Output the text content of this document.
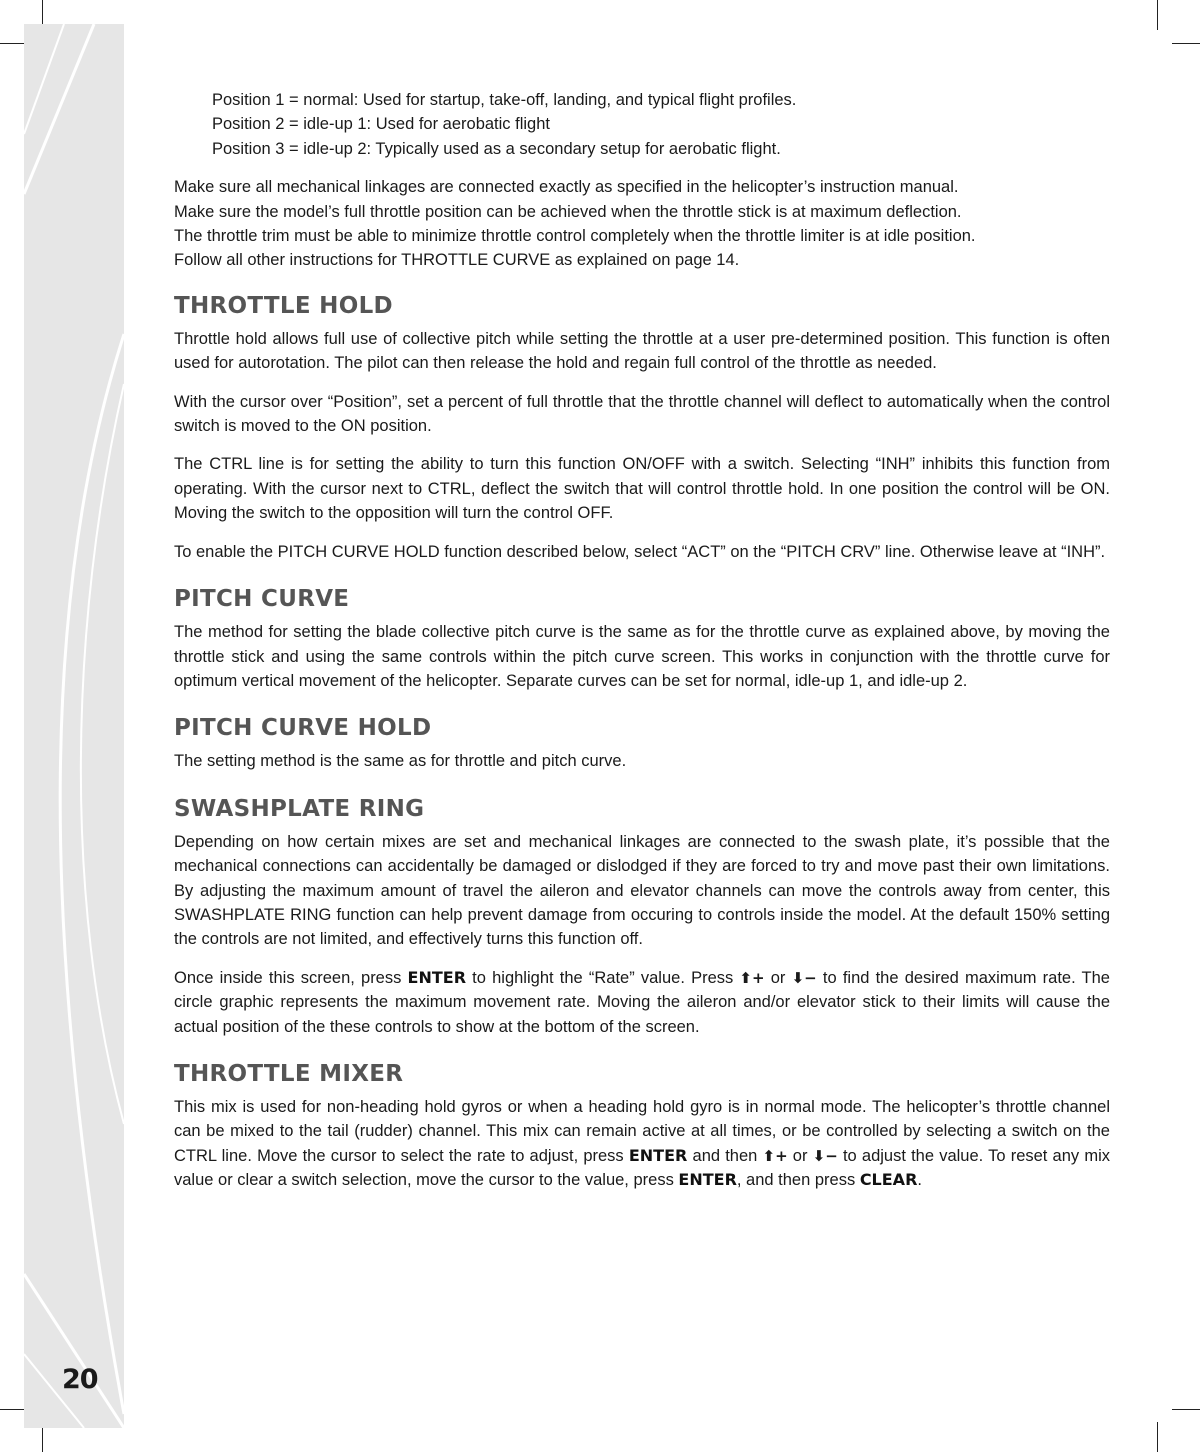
20

Position 1 = normal: Used for startup, take-off, landing, and typical flight profiles.

Position 2 = idle-up 1: Used for aerobatic flight

Position 3 = idle-up 2: Typically used as a secondary setup for aerobatic flight.

Make sure all mechanical linkages are connected exactly as specified in the helicopter’s instruction manual.

Make sure the model’s full throttle position can be achieved when the throttle stick is at maximum deflection.

The throttle trim must be able to minimize throttle control completely when the throttle limiter is at idle position.

Follow all other instructions for THROTTLE CURVE as explained on page 14.

THROTTLE HOLD

Throttle hold allows full use of collective pitch while setting the throttle at a user pre-determined position. This function is often used for autorotation. The pilot can then release the hold and regain full control of the throttle as needed.

With the cursor over “Position”, set a percent of full throttle that the throttle channel will deflect to automatically when the control switch is moved to the ON position.

The CTRL line is for setting the ability to turn this function ON/OFF with a switch. Selecting “INH” inhibits this function from operating. With the cursor next to CTRL, deflect the switch that will control throttle hold. In one position the control will be ON. Moving the switch to the opposition will turn the control OFF.

To enable the PITCH CURVE HOLD function described below, select “ACT” on the “PITCH CRV” line. Otherwise leave at “INH”.

PITCH CURVE

The method for setting the blade collective pitch curve is the same as for the throttle curve as explained above, by moving the throttle stick and using the same controls within the pitch curve screen. This works in conjunction with the throttle curve for optimum vertical movement of the helicopter. Separate curves can be set for normal, idle-up 1, and idle-up 2.

PITCH CURVE HOLD

The setting method is the same as for throttle and pitch curve.

SWASHPLATE RING

Depending on how certain mixes are set and mechanical linkages are connected to the swash plate, it’s possible that the mechanical connections can accidentally be damaged or dislodged if they are forced to try and move past their own limitations. By adjusting the maximum amount of travel the aileron and elevator channels can move the controls away from center, this SWASHPLATE RING function can help prevent damage from occuring to controls inside the model. At the default 150% setting the controls are not limited, and effectively turns this function off.

Once inside this screen, press ENTER to highlight the “Rate” value. Press ⬆+ or ⬇− to find the desired maximum rate. The circle graphic represents the maximum movement rate. Moving the aileron and/or elevator stick to their limits will cause the actual position of the these controls to show at the bottom of the screen.

THROTTLE MIXER

This mix is used for non-heading hold gyros or when a heading hold gyro is in normal mode. The helicopter’s throttle channel can be mixed to the tail (rudder) channel. This mix can remain active at all times, or be controlled by selecting a switch on the CTRL line. Move the cursor to select the rate to adjust, press ENTER and then ⬆+ or ⬇− to adjust the value. To reset any mix value or clear a switch selection, move the cursor to the value, press ENTER, and then press CLEAR.
